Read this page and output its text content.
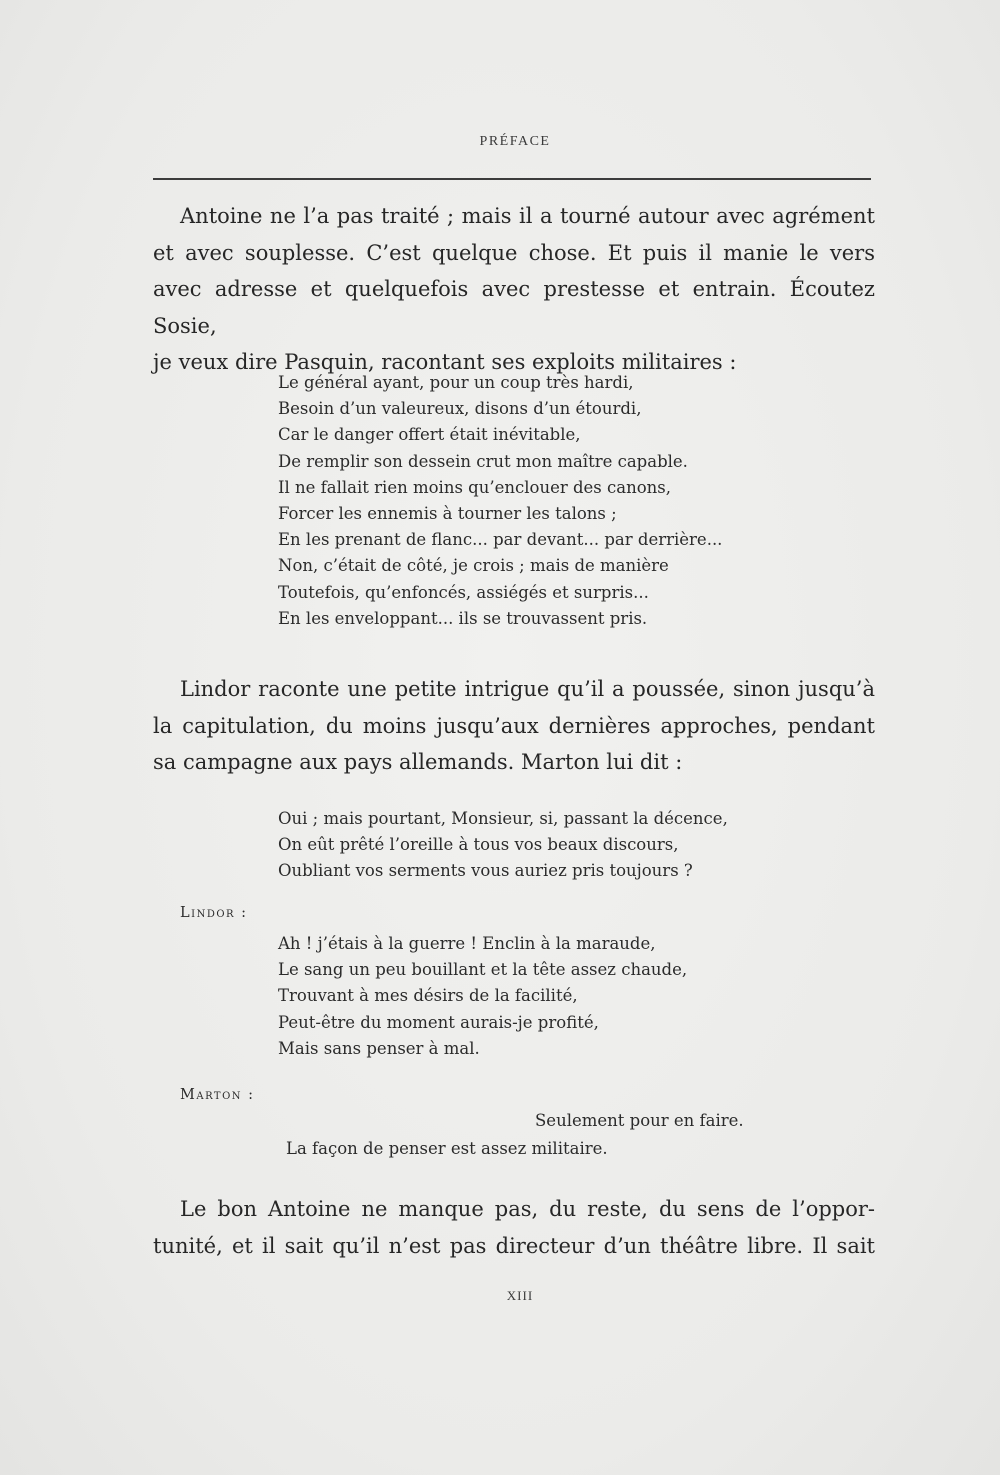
PRÉFACE
Antoine ne l’a pas traité ; mais il a tourné autour avec agrément
et avec souplesse. C’est quelque chose. Et puis il manie le vers
avec adresse et quelquefois avec prestesse et entrain. Écoutez Sosie,
je veux dire Pasquin, racontant ses exploits militaires :
Le général ayant, pour un coup très hardi,
Besoin d’un valeureux, disons d’un étourdi,
Car le danger offert était inévitable,
De remplir son dessein crut mon maître capable.
Il ne fallait rien moins qu’enclouer des canons,
Forcer les ennemis à tourner les talons ;
En les prenant de flanc... par devant... par derrière...
Non, c’était de côté, je crois ; mais de manière
Toutefois, qu’enfoncés, assiégés et surpris...
En les enveloppant... ils se trouvassent pris.
Lindor raconte une petite intrigue qu’il a poussée, sinon jusqu’à
la capitulation, du moins jusqu’aux dernières approches, pendant
sa campagne aux pays allemands. Marton lui dit :
Oui ; mais pourtant, Monsieur, si, passant la décence,
On eût prêté l’oreille à tous vos beaux discours,
Oubliant vos serments vous auriez pris toujours ?
Lindor :
Ah ! j’étais à la guerre ! Enclin à la maraude,
Le sang un peu bouillant et la tête assez chaude,
Trouvant à mes désirs de la facilité,
Peut-être du moment aurais-je profité,
Mais sans penser à mal.
Marton :
Seulement pour en faire.
La façon de penser est assez militaire.
Le bon Antoine ne manque pas, du reste, du sens de l’oppor-
tunité, et il sait qu’il n’est pas directeur d’un théâtre libre. Il sait
XIII
